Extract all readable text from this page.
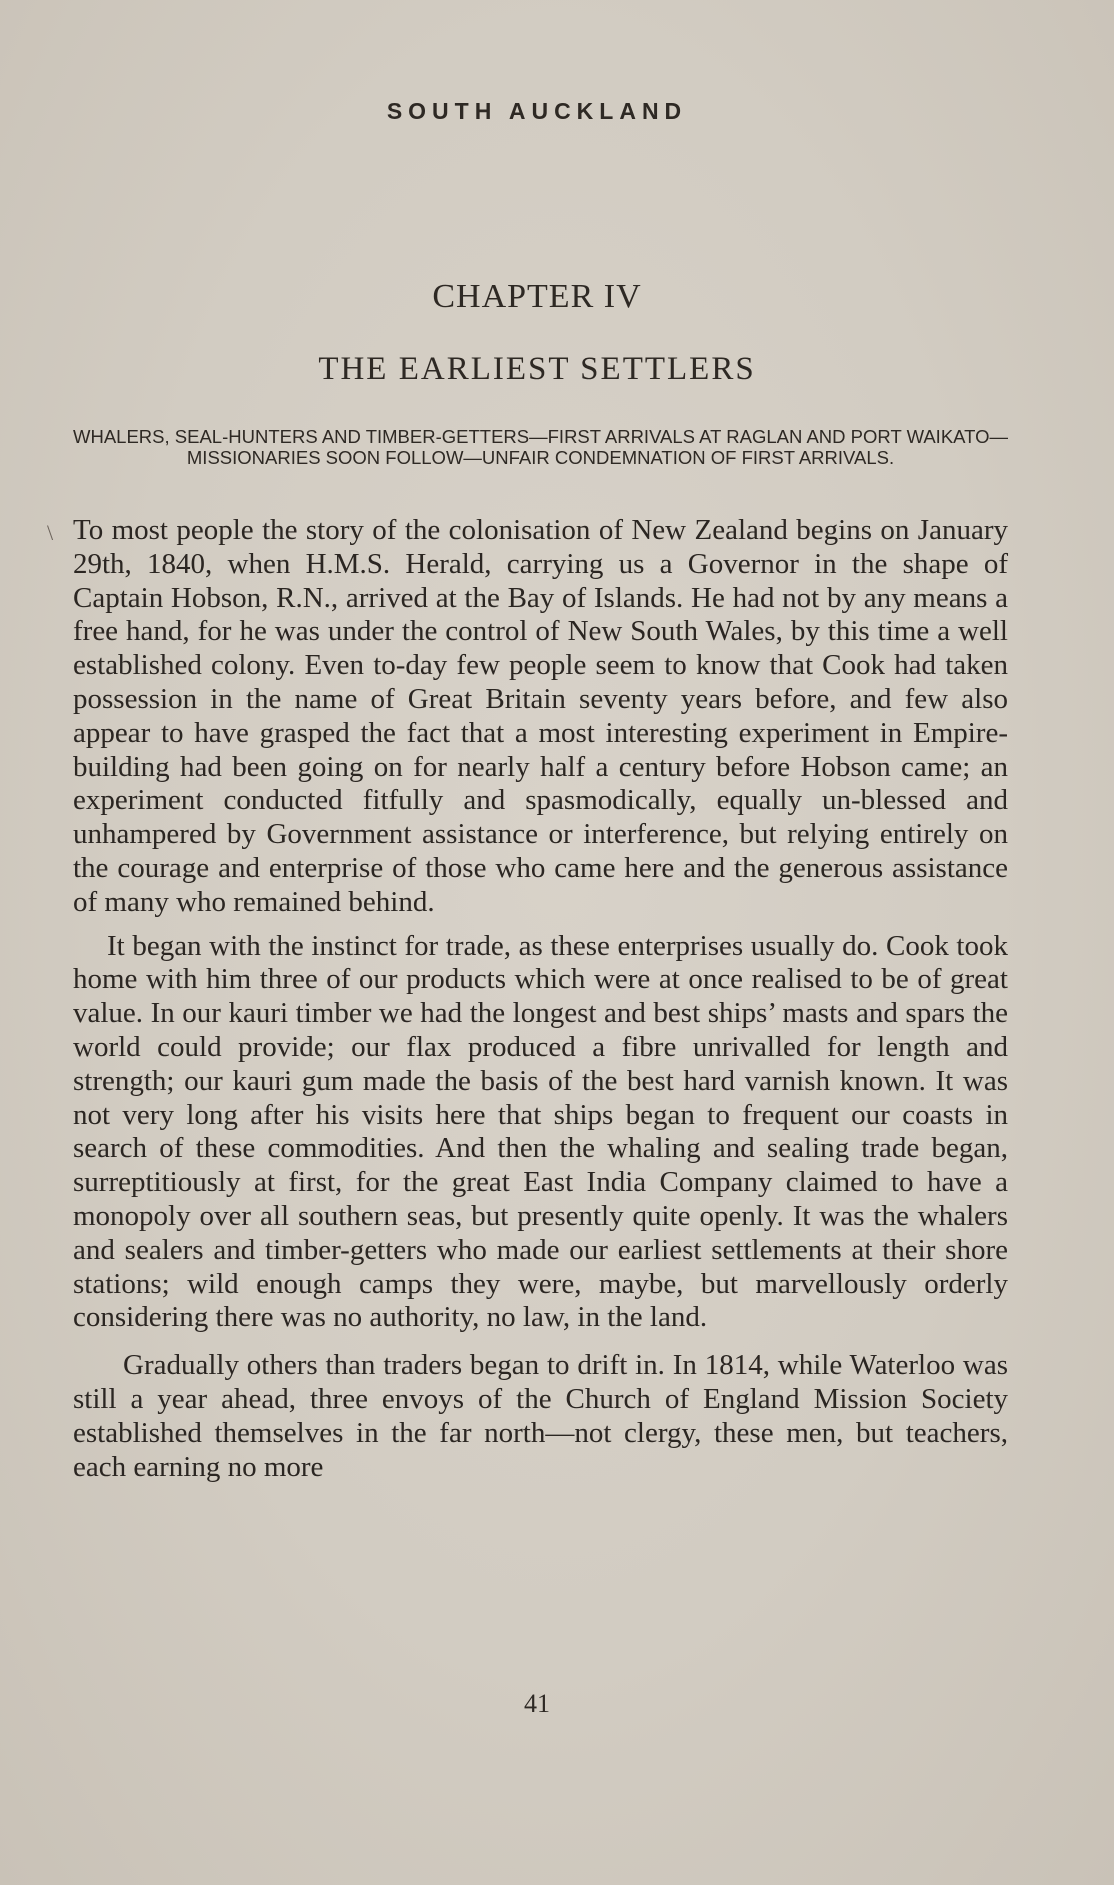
SOUTH AUCKLAND
CHAPTER IV
THE EARLIEST SETTLERS
WHALERS, SEAL-HUNTERS AND TIMBER-GETTERS—FIRST ARRIVALS AT RAGLAN AND PORT WAIKATO—MISSIONARIES SOON FOLLOW—UNFAIR CONDEMNATION OF FIRST ARRIVALS.

To most people the story of the colonisation of New Zealand begins on January 29th, 1840, when H.M.S. Herald, carrying us a Governor in the shape of Captain Hobson, R.N., arrived at the Bay of Islands. He had not by any means a free hand, for he was under the control of New South Wales, by this time a well established colony. Even to-day few people seem to know that Cook had taken possession in the name of Great Britain seventy years before, and few also appear to have grasped the fact that a most interesting experiment in Empire-building had been going on for nearly half a century before Hobson came; an experiment conducted fitfully and spasmodically, equally un-blessed and unhampered by Government assistance or interference, but relying entirely on the courage and enterprise of those who came here and the generous assistance of many who remained behind.

It began with the instinct for trade, as these enterprises usually do. Cook took home with him three of our products which were at once realised to be of great value. In our kauri timber we had the longest and best ships’ masts and spars the world could provide; our flax produced a fibre unrivalled for length and strength; our kauri gum made the basis of the best hard varnish known. It was not very long after his visits here that ships began to frequent our coasts in search of these commodities. And then the whaling and sealing trade began, surreptitiously at first, for the great East India Company claimed to have a monopoly over all southern seas, but presently quite openly. It was the whalers and sealers and timber-getters who made our earliest settlements at their shore stations; wild enough camps they were, maybe, but marvellously orderly considering there was no authority, no law, in the land.

Gradually others than traders began to drift in. In 1814, while Waterloo was still a year ahead, three envoys of the Church of England Mission Society established themselves in the far north—not clergy, these men, but teachers, each earning no more

41
\
